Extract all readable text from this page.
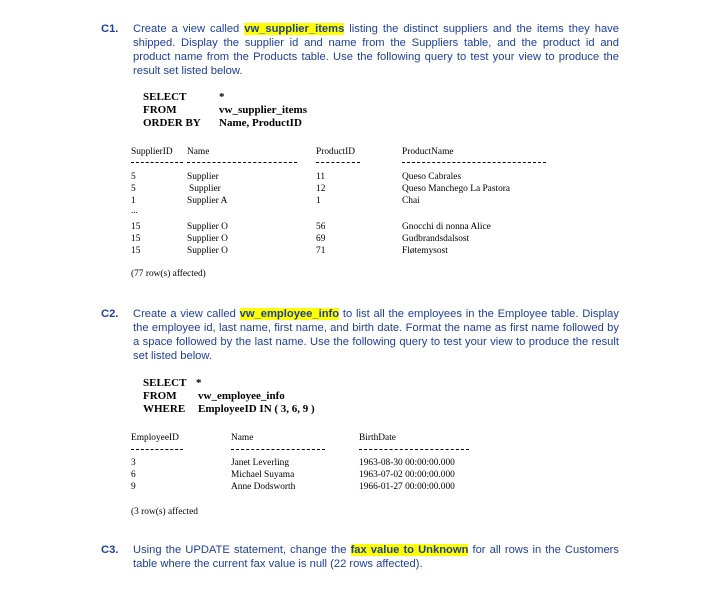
C1. Create a view called vw_supplier_items listing the distinct suppliers and the items they have shipped. Display the supplier id and name from the Suppliers table, and the product id and product name from the Products table. Use the following query to test your view to produce the result set listed below.
SELECT	*
FROM	vw_supplier_items
ORDER BY Name, ProductID
SupplierID Name	ProductID	ProductName
5	Supplier	11	Queso Cabrales
5	Supplier	12	Queso Manchego La Pastora
1	Supplier A	1	Chai
...
15	Supplier O	56	Gnocchi di nonna Alice
15	Supplier O	69	Gudbrandsdalsost
15	Supplier O	71	Fløtemysost
(77 row(s) affected)
C2. Create a view called vw_employee_info to list all the employees in the Employee table. Display the employee id, last name, first name, and birth date. Format the name as first name followed by a space followed by the last name. Use the following query to test your view to produce the result set listed below.
SELECT *
FROM vw_employee_info
WHERE EmployeeID IN ( 3, 6, 9 )
EmployeeID	Name	BirthDate
3	Janet Leverling	1963-08-30 00:00:00.000
6	Michael Suyama	1963-07-02 00:00:00.000
9	Anne Dodsworth	1966-01-27 00:00:00.000
(3 row(s) affected
C3. Using the UPDATE statement, change the fax value to Unknown for all rows in the Customers table where the current fax value is null (22 rows affected).
